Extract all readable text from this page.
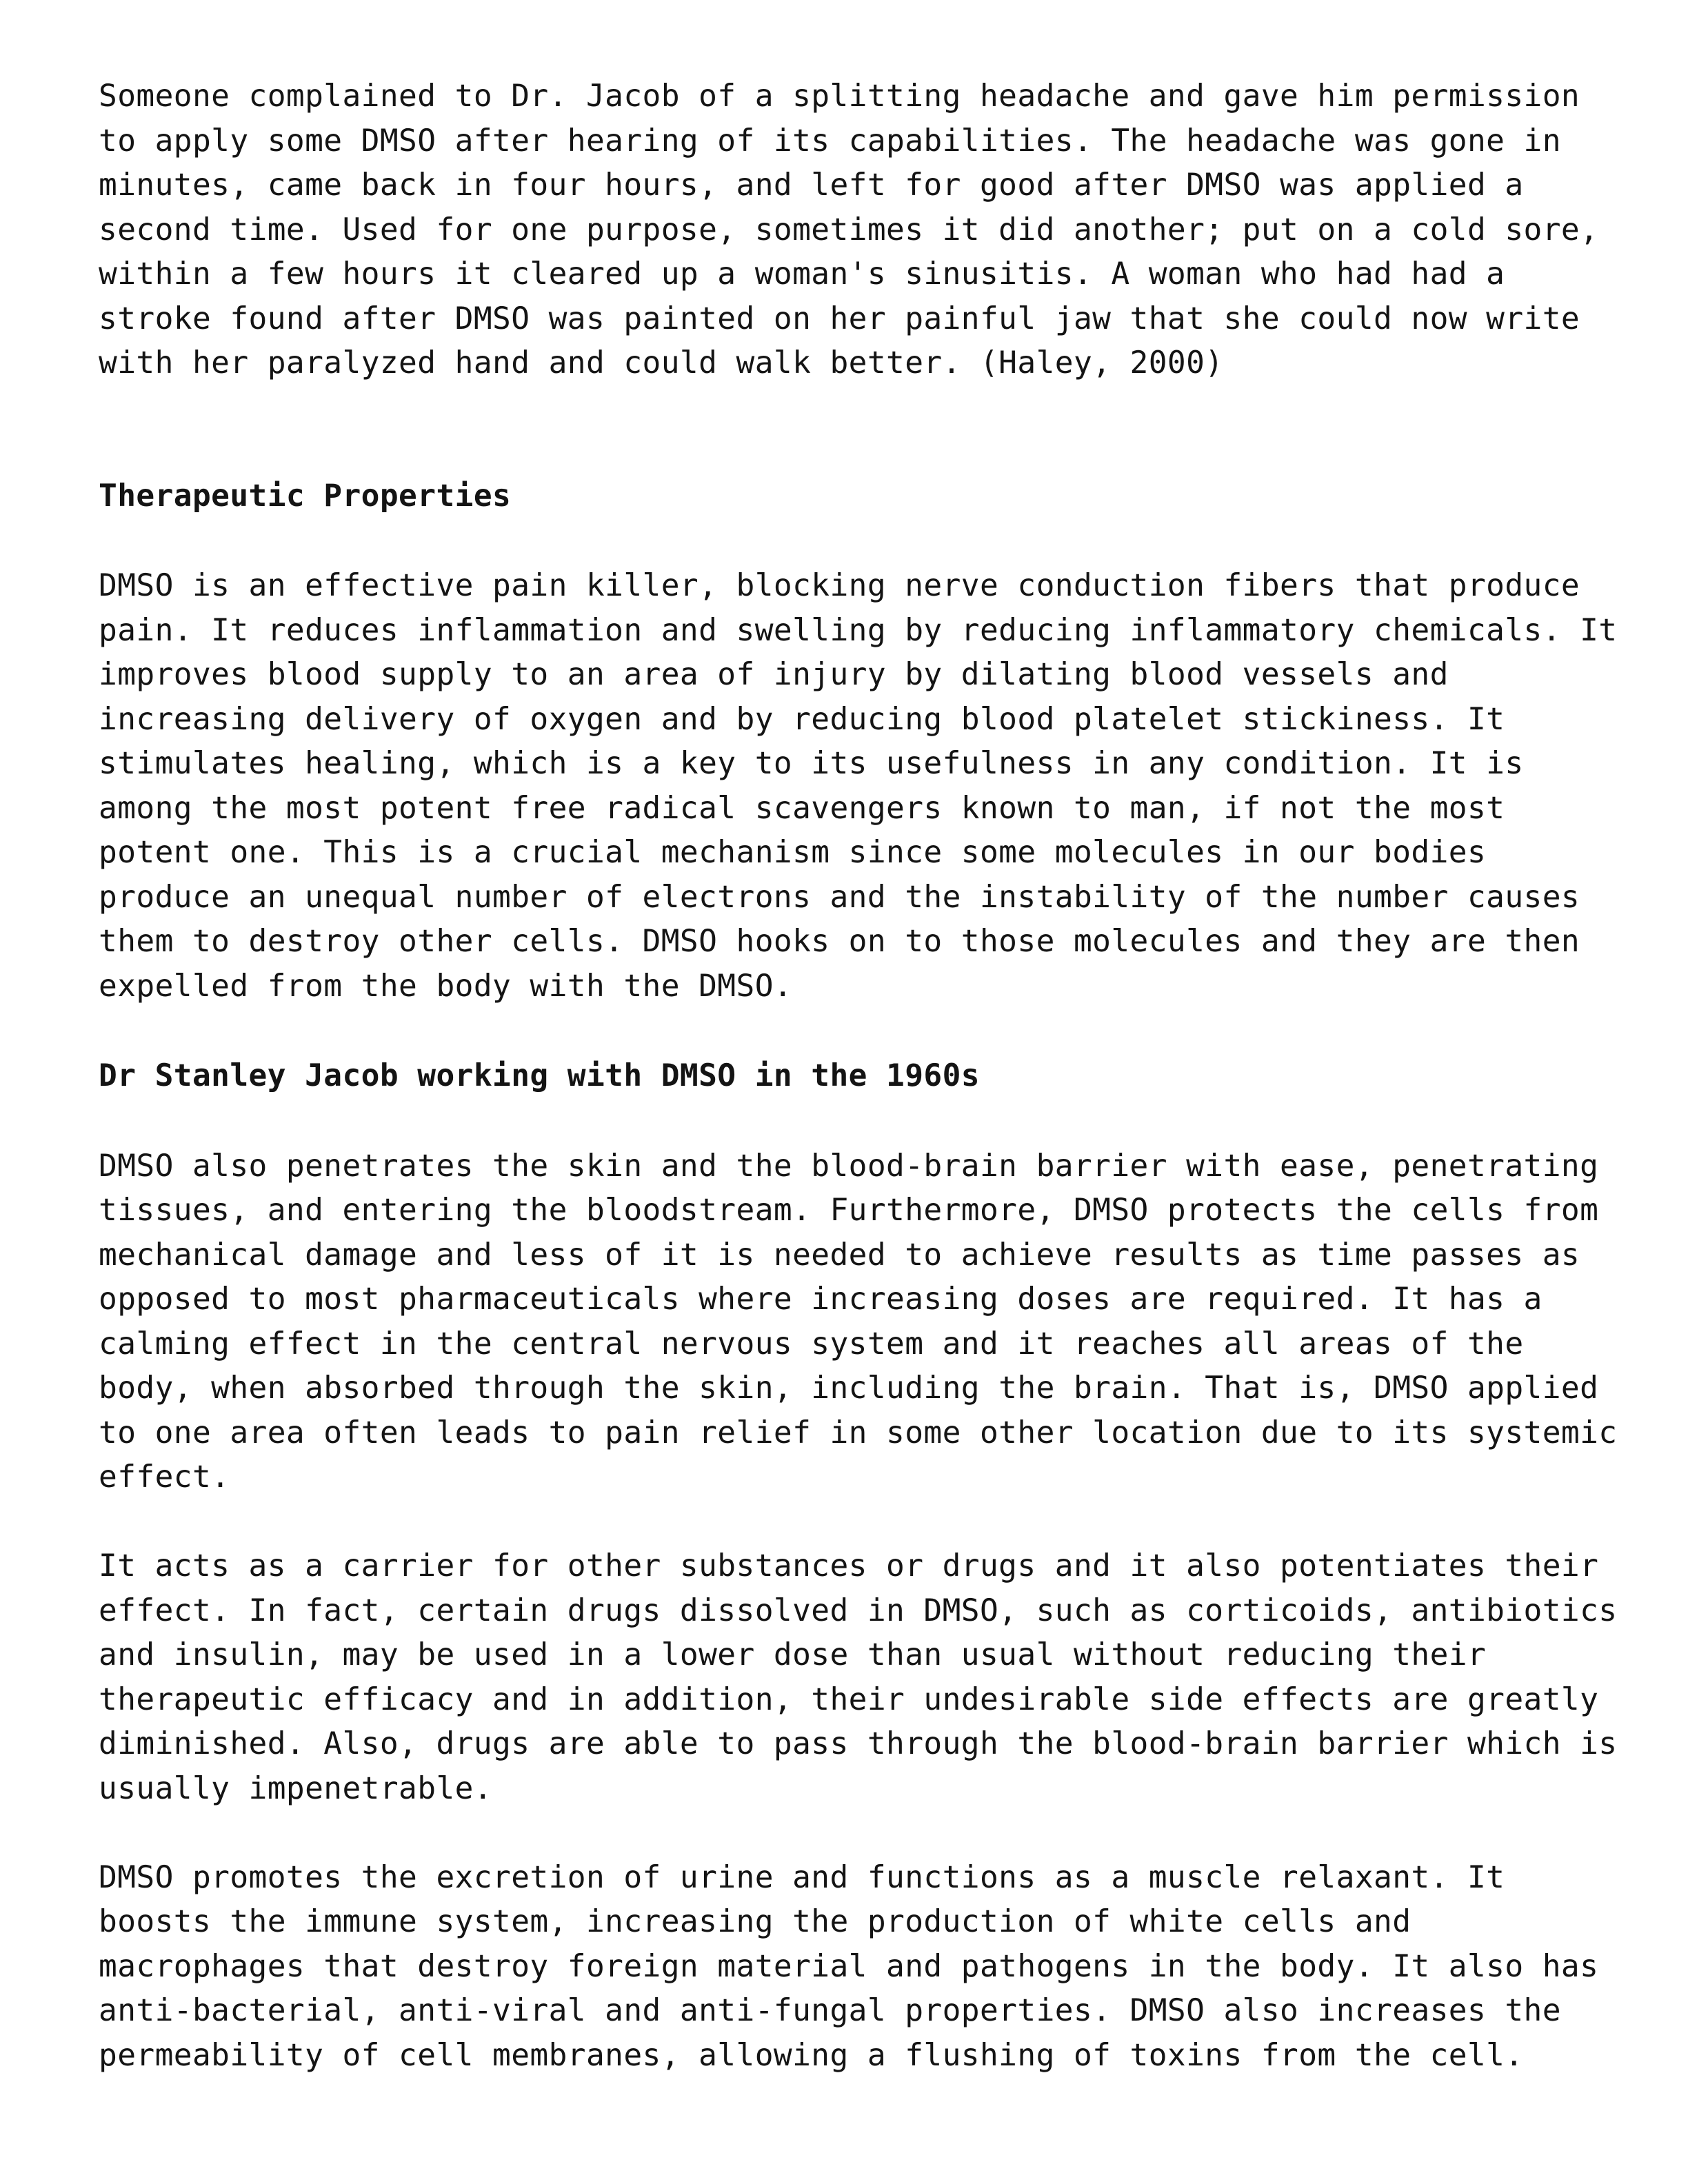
Someone complained to Dr. Jacob of a splitting headache and gave him permission
to apply some DMSO after hearing of its capabilities. The headache was gone in
minutes, came back in four hours, and left for good after DMSO was applied a
second time. Used for one purpose, sometimes it did another; put on a cold sore,
within a few hours it cleared up a woman's sinusitis. A woman who had had a
stroke found after DMSO was painted on her painful jaw that she could now write
with her paralyzed hand and could walk better. (Haley, 2000)

Therapeutic Properties

DMSO is an effective pain killer, blocking nerve conduction fibers that produce
pain. It reduces inflammation and swelling by reducing inflammatory chemicals. It
improves blood supply to an area of injury by dilating blood vessels and
increasing delivery of oxygen and by reducing blood platelet stickiness. It
stimulates healing, which is a key to its usefulness in any condition. It is
among the most potent free radical scavengers known to man, if not the most
potent one. This is a crucial mechanism since some molecules in our bodies
produce an unequal number of electrons and the instability of the number causes
them to destroy other cells. DMSO hooks on to those molecules and they are then
expelled from the body with the DMSO.

Dr Stanley Jacob working with DMSO in the 1960s

DMSO also penetrates the skin and the blood-brain barrier with ease, penetrating
tissues, and entering the bloodstream. Furthermore, DMSO protects the cells from
mechanical damage and less of it is needed to achieve results as time passes as
opposed to most pharmaceuticals where increasing doses are required. It has a
calming effect in the central nervous system and it reaches all areas of the
body, when absorbed through the skin, including the brain. That is, DMSO applied
to one area often leads to pain relief in some other location due to its systemic
effect.

It acts as a carrier for other substances or drugs and it also potentiates their
effect. In fact, certain drugs dissolved in DMSO, such as corticoids, antibiotics
and insulin, may be used in a lower dose than usual without reducing their
therapeutic efficacy and in addition, their undesirable side effects are greatly
diminished. Also, drugs are able to pass through the blood-brain barrier which is
usually impenetrable.

DMSO promotes the excretion of urine and functions as a muscle relaxant. It
boosts the immune system, increasing the production of white cells and
macrophages that destroy foreign material and pathogens in the body. It also has
anti-bacterial, anti-viral and anti-fungal properties. DMSO also increases the
permeability of cell membranes, allowing a flushing of toxins from the cell.
